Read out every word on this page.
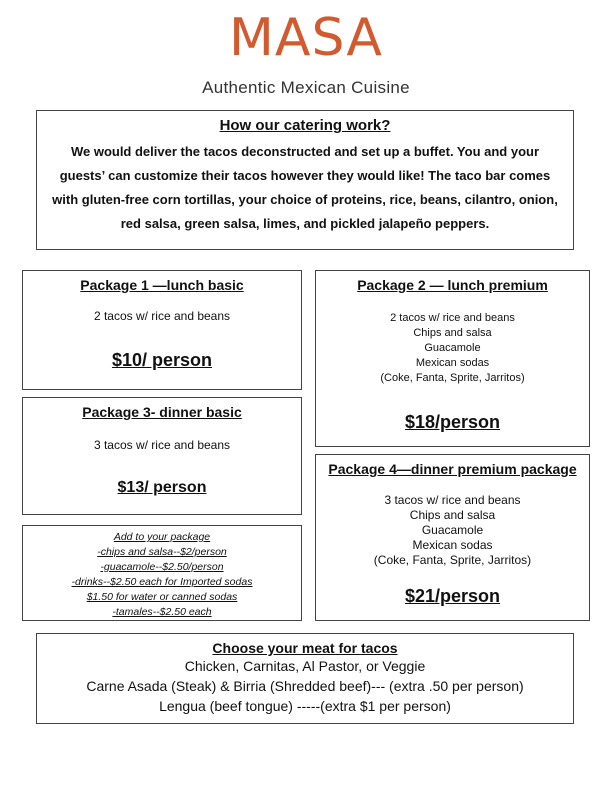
MASA
Authentic Mexican Cuisine
How our catering work?
We would deliver the tacos deconstructed and set up a buffet. You and your guests’ can customize their tacos however they would like! The taco bar comes with gluten-free corn tortillas, your choice of proteins, rice, beans, cilantro, onion, red salsa, green salsa, limes, and pickled jalapeño peppers.
Package 1 —lunch basic
2 tacos w/ rice and beans
$10/ person
Package 2 — lunch premium
2 tacos w/ rice and beans
Chips and salsa
Guacamole
Mexican sodas
(Coke, Fanta, Sprite, Jarritos)
$18/person
Package 3- dinner basic
3 tacos w/ rice and beans
$13/ person
Package 4—dinner premium package
3 tacos w/ rice and beans
Chips and salsa
Guacamole
Mexican sodas
(Coke, Fanta, Sprite, Jarritos)
$21/person
Add to your package
-chips and salsa--$2/person
-guacamole--$2.50/person
-drinks--$2.50 each for Imported sodas
$1.50 for water or canned sodas
-tamales--$2.50 each
Choose your meat for tacos
Chicken, Carnitas, Al Pastor, or Veggie
Carne Asada (Steak) & Birria (Shredded beef)--- (extra .50 per person)
Lengua (beef tongue) -----(extra $1 per person)
